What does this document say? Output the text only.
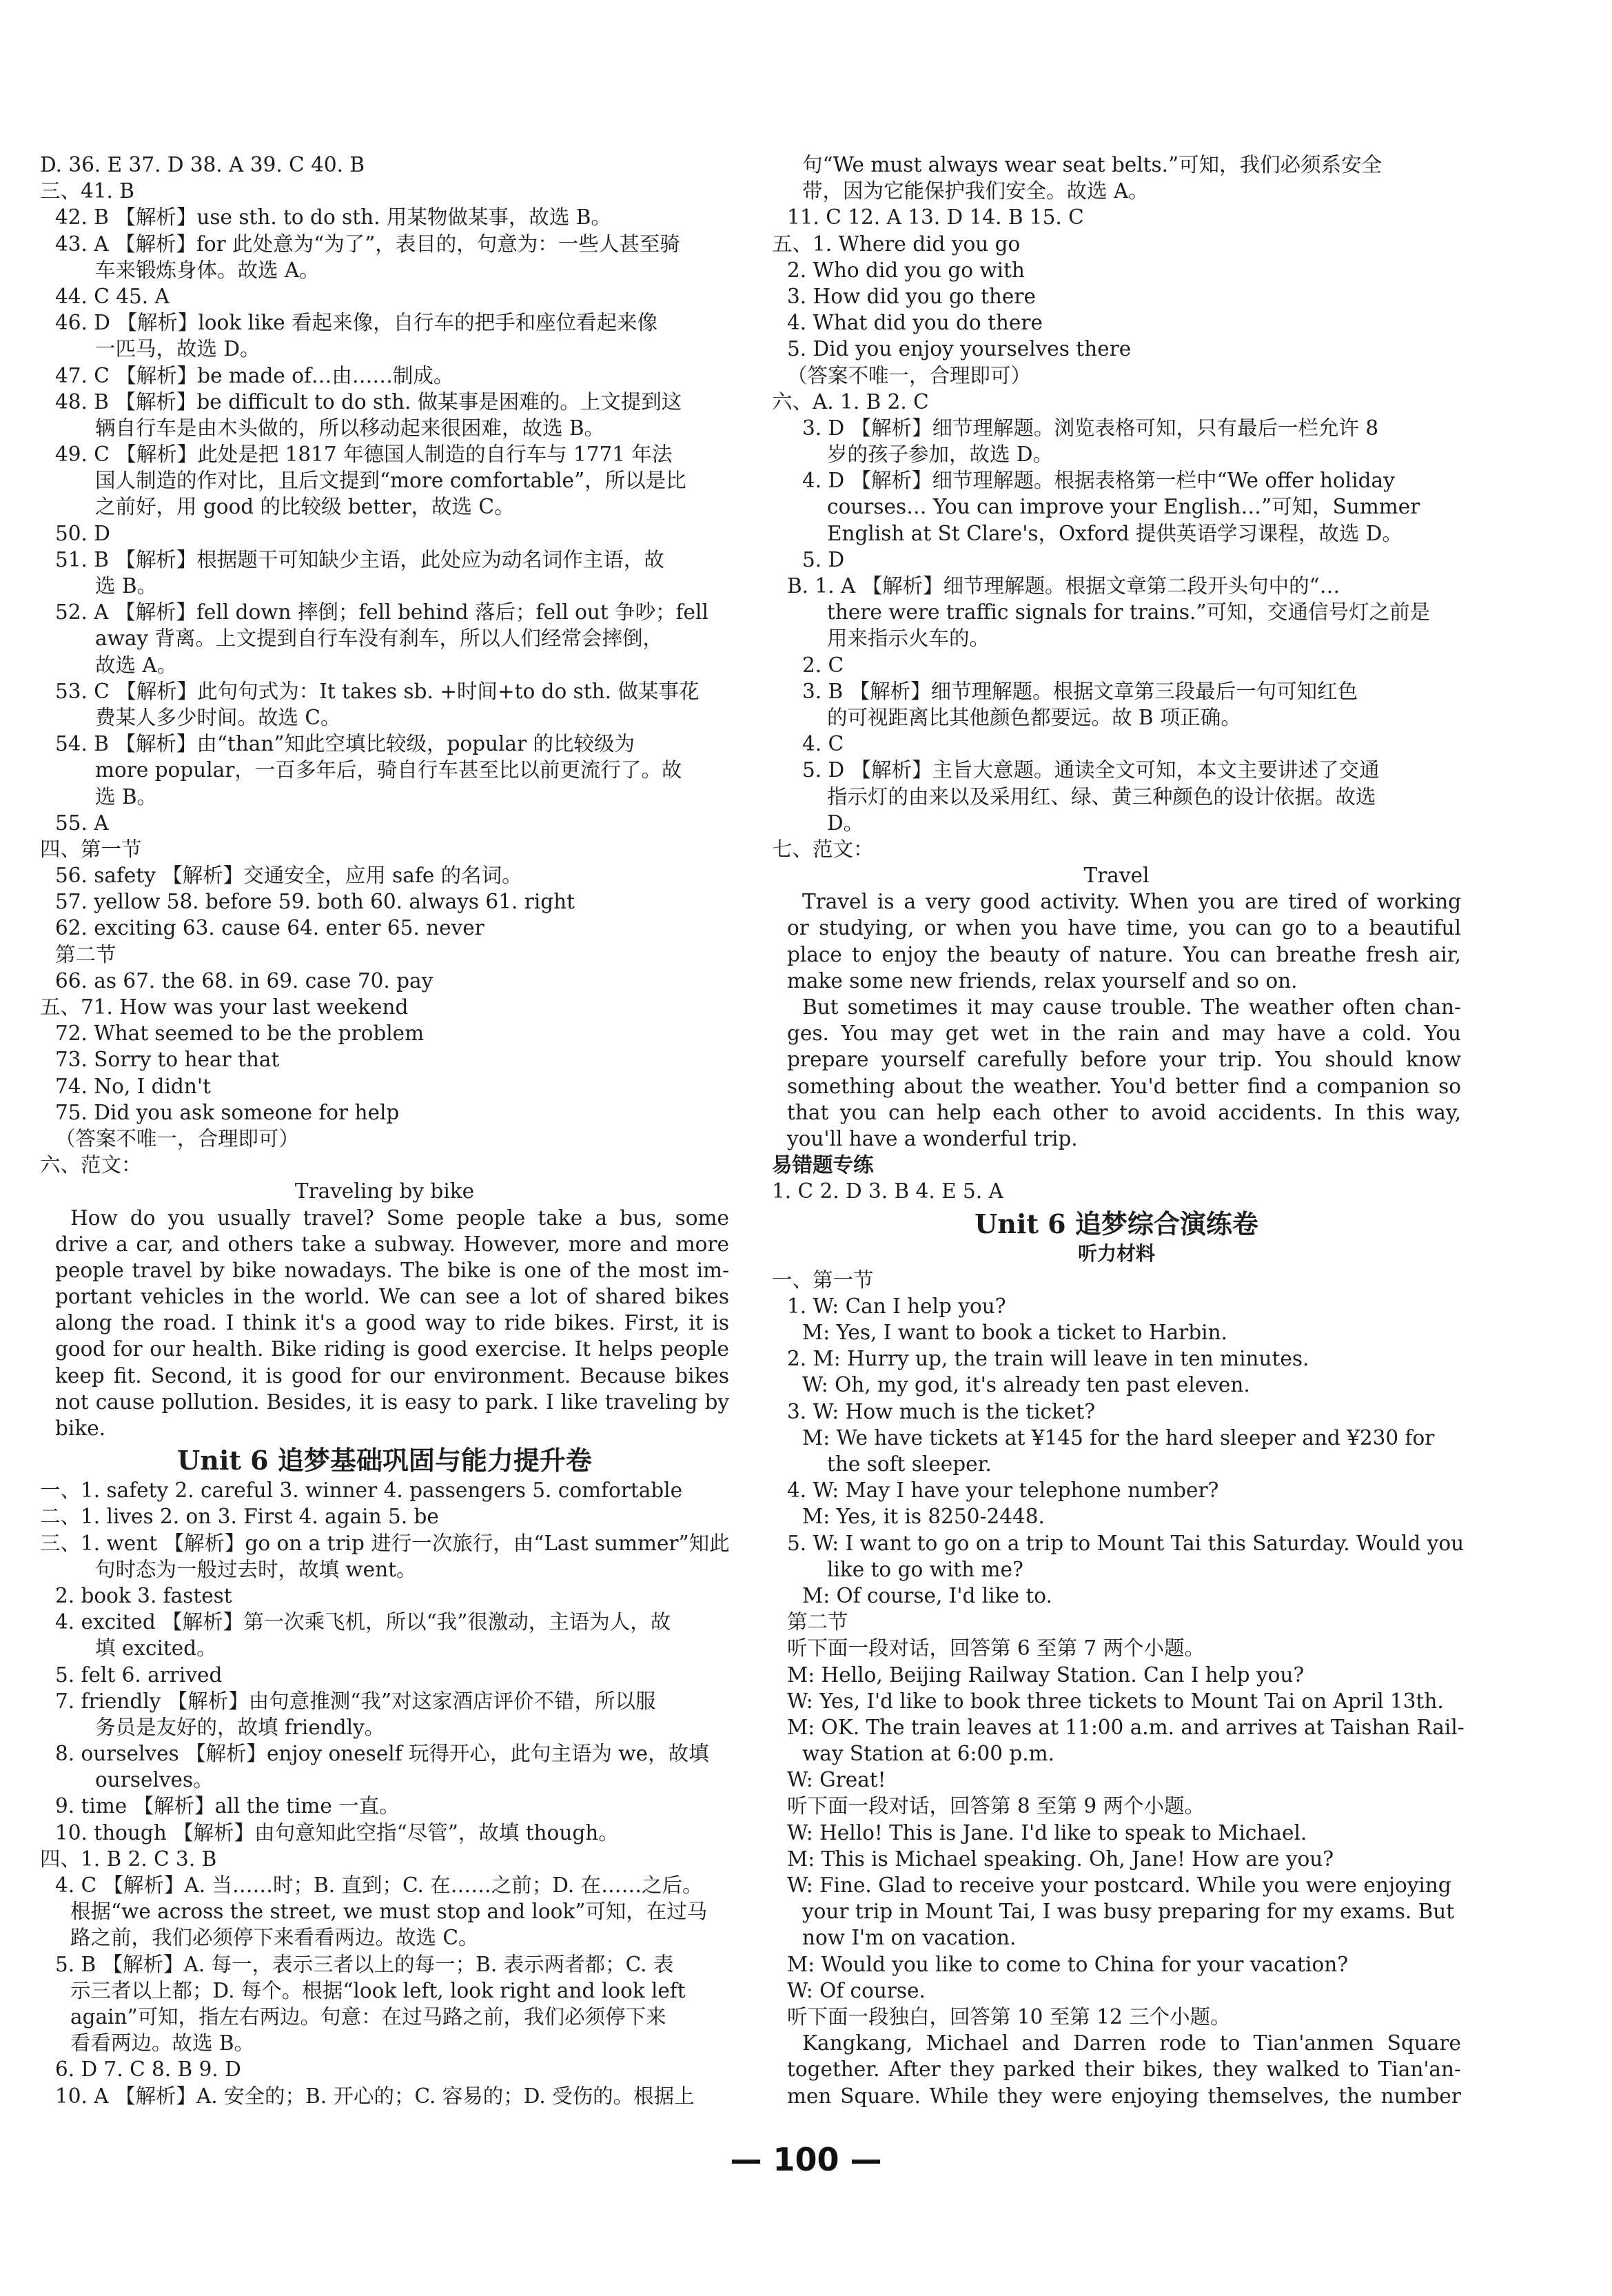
D. 36. E 37. D 38. A 39. C 40. B
三、41. B
42. B 【解析】use sth. to do sth. 用某物做某事，故选 B。
43. A 【解析】for 此处意为“为了”，表目的，句意为：一些人甚至骑
车来锻炼身体。故选 A。
44. C 45. A
46. D 【解析】look like 看起来像，自行车的把手和座位看起来像
一匹马，故选 D。
47. C 【解析】be made of…由……制成。
48. B 【解析】be difficult to do sth. 做某事是困难的。上文提到这
辆自行车是由木头做的，所以移动起来很困难，故选 B。
49. C 【解析】此处是把 1817 年德国人制造的自行车与 1771 年法
国人制造的作对比，且后文提到“more comfortable”，所以是比
之前好，用 good 的比较级 better，故选 C。
50. D
51. B 【解析】根据题干可知缺少主语，此处应为动名词作主语，故
选 B。
52. A 【解析】fell down 摔倒；fell behind 落后；fell out 争吵；fell
away 背离。上文提到自行车没有刹车，所以人们经常会摔倒，
故选 A。
53. C 【解析】此句句式为：It takes sb. +时间+to do sth. 做某事花
费某人多少时间。故选 C。
54. B 【解析】由“than”知此空填比较级，popular 的比较级为
more popular，一百多年后，骑自行车甚至比以前更流行了。故
选 B。
55. A
四、第一节
56. safety 【解析】交通安全，应用 safe 的名词。
57. yellow 58. before 59. both 60. always 61. right
62. exciting 63. cause 64. enter 65. never
第二节
66. as 67. the 68. in 69. case 70. pay
五、71. How was your last weekend
72. What seemed to be the problem
73. Sorry to hear that
74. No, I didn't
75. Did you ask someone for help
（答案不唯一，合理即可）
六、范文：
Traveling by bike
How do you usually travel? Some people take a bus, some
drive a car, and others take a subway. However, more and more
people travel by bike nowadays. The bike is one of the most im-
portant vehicles in the world. We can see a lot of shared bikes
along the road. I think it's a good way to ride bikes. First, it is
good for our health. Bike riding is good exercise. It helps people
keep fit. Second, it is good for our environment. Because bikes
not cause pollution. Besides, it is easy to park. I like traveling by
bike.
Unit 6 追梦基础巩固与能力提升卷
一、1. safety 2. careful 3. winner 4. passengers 5. comfortable
二、1. lives 2. on 3. First 4. again 5. be
三、1. went 【解析】go on a trip 进行一次旅行，由“Last summer”知此
句时态为一般过去时，故填 went。
2. book 3. fastest
4. excited 【解析】第一次乘飞机，所以“我”很激动，主语为人，故
填 excited。
5. felt 6. arrived
7. friendly 【解析】由句意推测“我”对这家酒店评价不错，所以服
务员是友好的，故填 friendly。
8. ourselves 【解析】enjoy oneself 玩得开心，此句主语为 we，故填
ourselves。
9. time 【解析】all the time 一直。
10. though 【解析】由句意知此空指“尽管”，故填 though。
四、1. B 2. C 3. B
4. C 【解析】A. 当……时；B. 直到；C. 在……之前；D. 在……之后。
根据“we across the street, we must stop and look”可知，在过马
路之前，我们必须停下来看看两边。故选 C。
5. B 【解析】A. 每一，表示三者以上的每一；B. 表示两者都；C. 表
示三者以上都；D. 每个。根据“look left, look right and look left
again”可知，指左右两边。句意：在过马路之前，我们必须停下来
看看两边。故选 B。
6. D 7. C 8. B 9. D
10. A 【解析】A. 安全的；B. 开心的；C. 容易的；D. 受伤的。根据上
句“We must always wear seat belts.”可知，我们必须系安全
带，因为它能保护我们安全。故选 A。
11. C 12. A 13. D 14. B 15. C
五、1. Where did you go
2. Who did you go with
3. How did you go there
4. What did you do there
5. Did you enjoy yourselves there
（答案不唯一，合理即可）
六、A. 1. B 2. C
3. D 【解析】细节理解题。浏览表格可知，只有最后一栏允许 8
岁的孩子参加，故选 D。
4. D 【解析】细节理解题。根据表格第一栏中“We offer holiday
courses… You can improve your English…”可知，Summer
English at St Clare's，Oxford 提供英语学习课程，故选 D。
5. D
B. 1. A 【解析】细节理解题。根据文章第二段开头句中的“…
there were traffic signals for trains.”可知，交通信号灯之前是
用来指示火车的。
2. C
3. B 【解析】细节理解题。根据文章第三段最后一句可知红色
的可视距离比其他颜色都要远。故 B 项正确。
4. C
5. D 【解析】主旨大意题。通读全文可知，本文主要讲述了交通
指示灯的由来以及采用红、绿、黄三种颜色的设计依据。故选
D。
七、范文：
Travel
Travel is a very good activity. When you are tired of working
or studying, or when you have time, you can go to a beautiful
place to enjoy the beauty of nature. You can breathe fresh air,
make some new friends, relax yourself and so on.
But sometimes it may cause trouble. The weather often chan-
ges. You may get wet in the rain and may have a cold. You
prepare yourself carefully before your trip. You should know
something about the weather. You'd better find a companion so
that you can help each other to avoid accidents. In this way,
you'll have a wonderful trip.
易错题专练
1. C 2. D 3. B 4. E 5. A
Unit 6 追梦综合演练卷
听力材料
一、第一节
1. W: Can I help you?
M: Yes, I want to book a ticket to Harbin.
2. M: Hurry up, the train will leave in ten minutes.
W: Oh, my god, it's already ten past eleven.
3. W: How much is the ticket?
M: We have tickets at ¥145 for the hard sleeper and ¥230 for
the soft sleeper.
4. W: May I have your telephone number?
M: Yes, it is 8250-2448.
5. W: I want to go on a trip to Mount Tai this Saturday. Would you
like to go with me?
M: Of course, I'd like to.
第二节
听下面一段对话，回答第 6 至第 7 两个小题。
M: Hello, Beijing Railway Station. Can I help you?
W: Yes, I'd like to book three tickets to Mount Tai on April 13th.
M: OK. The train leaves at 11:00 a.m. and arrives at Taishan Rail-
way Station at 6:00 p.m.
W: Great!
听下面一段对话，回答第 8 至第 9 两个小题。
W: Hello! This is Jane. I'd like to speak to Michael.
M: This is Michael speaking. Oh, Jane! How are you?
W: Fine. Glad to receive your postcard. While you were enjoying
your trip in Mount Tai, I was busy preparing for my exams. But
now I'm on vacation.
M: Would you like to come to China for your vacation?
W: Of course.
听下面一段独白，回答第 10 至第 12 三个小题。
Kangkang, Michael and Darren rode to Tian'anmen Square
together. After they parked their bikes, they walked to Tian'an-
men Square. While they were enjoying themselves, the number
— 100 —
